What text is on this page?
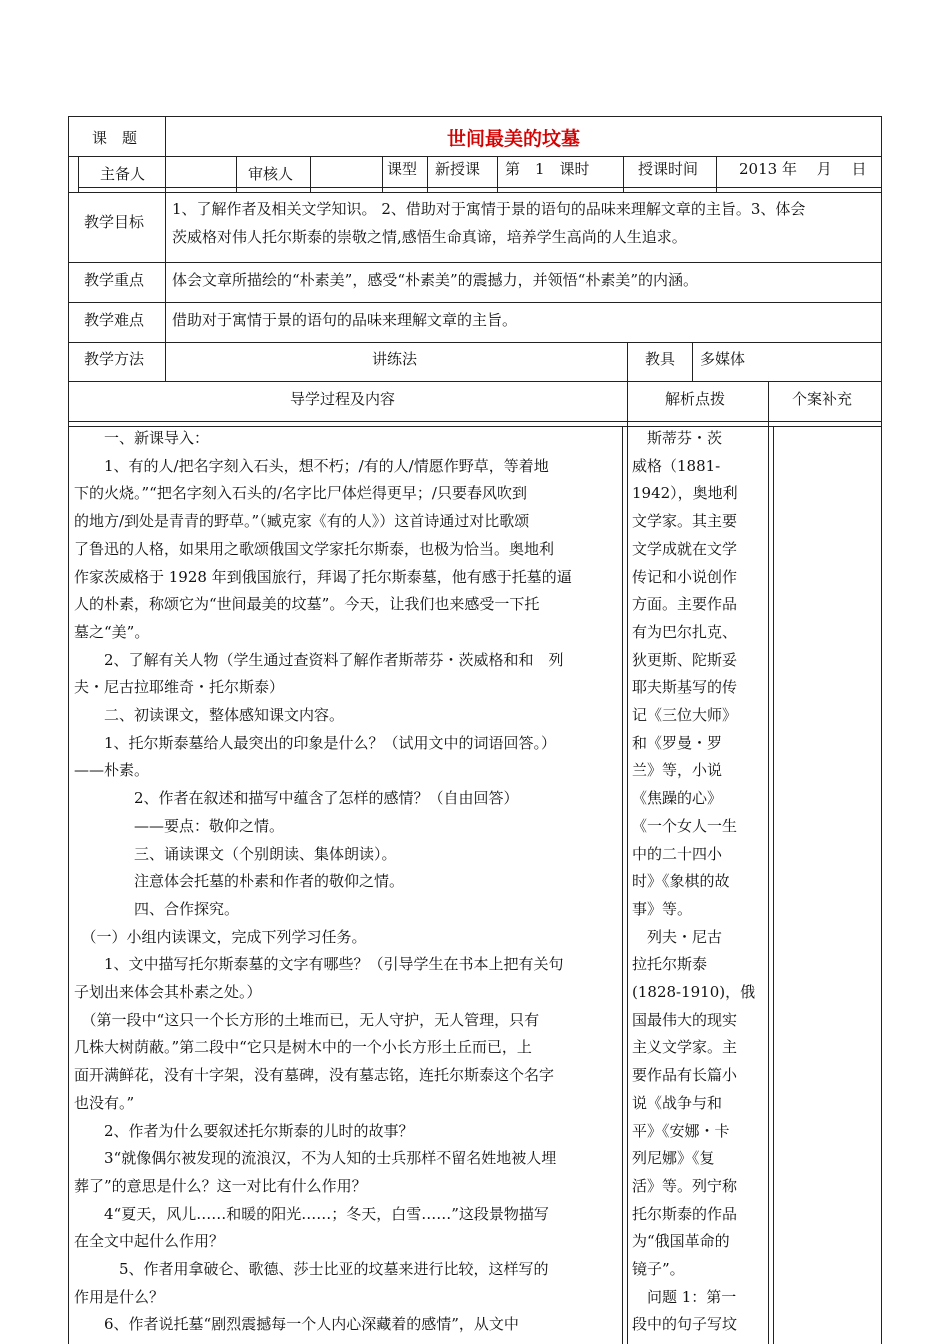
课　题	世间最美的坟墓
主备人	审核人	课型 新授课 第　1　课时	授课时间	2013 年　 月　 日
教学目标
1、了解作者及相关文学知识。 2、借助对于寓情于景的语句的品味来理解文章的主旨。3、体会
茨威格对伟人托尔斯泰的崇敬之情,感悟生命真谛，培养学生高尚的人生追求。
教学重点 体会文章所描绘的“朴素美”，感受“朴素美”的震撼力，并领悟“朴素美”的内涵。
教学难点 借助对于寓情于景的语句的品味来理解文章的主旨。
教学方法	讲练法	教具 多媒体
导学过程及内容	解析点拨	个案补充
　　一、新课导入：
　　1、有的人/把名字刻入石头，想不朽；/有的人/情愿作野草，等着地
下的火烧。”“把名字刻入石头的/名字比尸体烂得更早；/只要春风吹到
的地方/到处是青青的野草。”（臧克家《有的人》）这首诗通过对比歌颂
了鲁迅的人格，如果用之歌颂俄国文学家托尔斯泰，也极为恰当。奥地利
作家茨威格于 1928 年到俄国旅行，拜谒了托尔斯泰墓，他有感于托墓的逼
人的朴素，称颂它为“世间最美的坟墓”。今天，让我们也来感受一下托
墓之“美”。
　　2、了解有关人物（学生通过查资料了解作者斯蒂芬・茨威格和和　列
夫・尼古拉耶维奇・托尔斯泰）
　　二、初读课文，整体感知课文内容。
　　1、托尔斯泰墓给人最突出的印象是什么？（试用文中的词语回答。）
——朴素。
　　　　2、作者在叙述和描写中蕴含了怎样的感情？（自由回答）
　　　　——要点：敬仰之情。
　　　　三、诵读课文（个别朗读、集体朗读）。
　　　　注意体会托墓的朴素和作者的敬仰之情。
　　　　四、合作探究。
　（一）小组内读课文，完成下列学习任务。
　　1、文中描写托尔斯泰墓的文字有哪些？（引导学生在书本上把有关句
子划出来体会其朴素之处。）
　（第一段中“这只一个长方形的土堆而已，无人守护，无人管理，只有
几株大树荫蔽。”第二段中“它只是树木中的一个小长方形土丘而已，上
面开满鲜花，没有十字架，没有墓碑，没有墓志铭，连托尔斯泰这个名字
也没有。”
　　2、作者为什么要叙述托尔斯泰的儿时的故事？
　　3“就像偶尔被发现的流浪汉，不为人知的士兵那样不留名姓地被人埋
葬了”的意思是什么？这一对比有什么作用？
　　4“夏天，风儿……和暖的阳光……；冬天，白雪……”这段景物描写
在全文中起什么作用？
　　　5、作者用拿破仑、歌德、莎士比亚的坟墓来进行比较，这样写的
作用是什么？
　　6、作者说托墓“剧烈震撼每一个人内心深藏着的感情”，从文中
　斯蒂芬・茨
威格（1881-
1942），奥地利
文学家。其主要
文学成就在文学
传记和小说创作
方面。主要作品
有为巴尔扎克、
狄更斯、陀斯妥
耶夫斯基写的传
记《三位大师》
和《罗曼・罗
兰》等，小说
《焦躁的心》
《一个女人一生
中的二十四小
时》《象棋的故
事》等。
　列夫・尼古
拉托尔斯泰
(1828-1910)，俄
国最伟大的现实
主义文学家。主
要作品有长篇小
说《战争与和
平》《安娜・卡
列尼娜》《复
活》等。列宁称
托尔斯泰的作品
为“俄国革命的
镜子”。
　问题 1：第一
段中的句子写坟
